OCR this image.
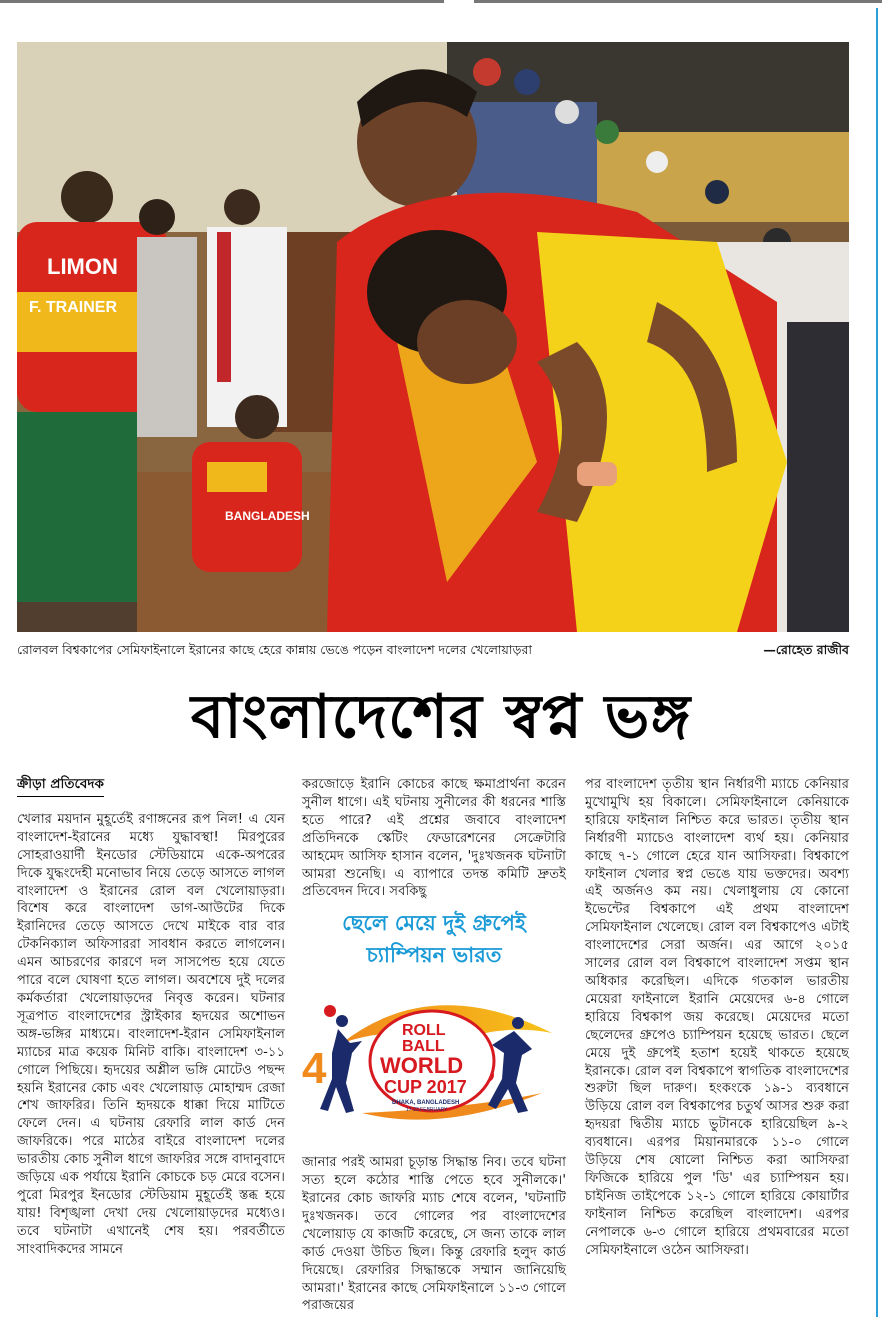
LIMON
F. TRAINER
BANGLADESH
রোলবল বিশ্বকাপের সেমিফাইনালে ইরানের কাছে হেরে কান্নায় ভেঙে পড়েন বাংলাদেশ দলের খেলোয়াড়রা	—রোহেত রাজীব
বাংলাদেশের স্বপ্ন ভঙ্গ
ক্রীড়া প্রতিবেদক

খেলার ময়দান মুহূর্তেই রণাঙ্গনের রূপ নিল! এ যেন বাংলাদেশ-ইরানের মধ্যে যুদ্ধাবস্থা! মিরপুরের সোহরাওয়ার্দী ইনডোর স্টেডিয়ামে একে-অপরের দিকে যুদ্ধংদেহী মনোভাব নিয়ে তেড়ে আসতে লাগল বাংলাদেশ ও ইরানের রোল বল খেলোয়াড়রা। বিশেষ করে বাংলাদেশ ডাগ-আউটের দিকে ইরানিদের তেড়ে আসতে দেখে মাইকে বার বার টেকনিক্যাল অফিসাররা সাবধান করতে লাগলেন। এমন আচরণের কারণে দল সাসপেন্ড হয়ে যেতে পারে বলে ঘোষণা হতে লাগল। অবশেষে দুই দলের কর্মকর্তারা খেলোয়াড়দের নিবৃত্ত করেন। ঘটনার সূত্রপাত বাংলাদেশের স্ট্রাইকার হৃদয়ের অশোভন অঙ্গ-ভঙ্গির মাধ্যমে। বাংলাদেশ-ইরান সেমিফাইনাল ম্যাচের মাত্র কয়েক মিনিট বাকি। বাংলাদেশ ৩-১১ গোলে পিছিয়ে। হৃদয়ের অশ্লীল ভঙ্গি মোটেও পছন্দ হয়নি ইরানের কোচ এবং খেলোয়াড় মোহাম্মদ রেজা শেখ জাফরির। তিনি হৃদয়কে ধাক্কা দিয়ে মাটিতে ফেলে দেন। এ ঘটনায় রেফারি লাল কার্ড দেন জাফরিকে। পরে মাঠের বাইরে বাংলাদেশ দলের ভারতীয় কোচ সুনীল ধাগে জাফরির সঙ্গে বাদানুবাদে জড়িয়ে এক পর্যায়ে ইরানি কোচকে চড় মেরে বসেন। পুরো মিরপুর ইনডোর স্টেডিয়াম মুহূর্তেই স্তব্ধ হয়ে যায়! বিশৃঙ্খলা দেখা দেয় খেলোয়াড়দের মধ্যেও। তবে ঘটনাটা এখানেই শেষ হয়। পরবর্তীতে সাংবাদিকদের সামনে

করজোড়ে ইরানি কোচের কাছে ক্ষমাপ্রার্থনা করেন সুনীল ধাগে। এই ঘটনায় সুনীলের কী ধরনের শাস্তি হতে পারে? এই প্রশ্নের জবাবে বাংলাদেশ প্রতিদিনকে স্কেটিং ফেডারেশনের সেক্রেটারি আহমেদ আসিফ হাসান বলেন, 'দুঃখজনক ঘটনাটা আমরা শুনেছি। এ ব্যাপারে তদন্ত কমিটি দ্রুতই প্রতিবেদন দিবে। সবকিছু

ছেলে মেয়ে দুই গ্রুপেই
চ্যাম্পিয়ন ভারত
4
ROLL
BALL
WORLD
CUP 2017
DHAKA, BANGLADESH
17-23 FEBRUARY

জানার পরই আমরা চূড়ান্ত সিদ্ধান্ত নিব। তবে ঘটনা সত্য হলে কঠোর শাস্তি পেতে হবে সুনীলকে।' ইরানের কোচ জাফরি ম্যাচ শেষে বলেন, 'ঘটনাটি দুঃখজনক। তবে গোলের পর বাংলাদেশের খেলোয়াড় যে কাজটি করেছে, সে জন্য তাকে লাল কার্ড দেওয়া উচিত ছিল। কিন্তু রেফারি হলুদ কার্ড দিয়েছে। রেফারির সিদ্ধান্তকে সম্মান জানিয়েছি আমরা।' ইরানের কাছে সেমিফাইনালে ১১-৩ গোলে পরাজয়ের

পর বাংলাদেশ তৃতীয় স্থান নির্ধারণী ম্যাচে কেনিয়ার মুখোমুখি হয় বিকালে। সেমিফাইনালে কেনিয়াকে হারিয়ে ফাইনাল নিশ্চিত করে ভারত। তৃতীয় স্থান নির্ধারণী ম্যাচেও বাংলাদেশ ব্যর্থ হয়। কেনিয়ার কাছে ৭-১ গোলে হেরে যান আসিফরা। বিশ্বকাপে ফাইনাল খেলার স্বপ্ন ভেঙে যায় ভক্তদের। অবশ্য এই অর্জনও কম নয়। খেলাধুলায় যে কোনো ইভেন্টের বিশ্বকাপে এই প্রথম বাংলাদেশ সেমিফাইনাল খেলেছে। রোল বল বিশ্বকাপেও এটাই বাংলাদেশের সেরা অর্জন। এর আগে ২০১৫ সালের রোল বল বিশ্বকাপে বাংলাদেশ সপ্তম স্থান অধিকার করেছিল। এদিকে গতকাল ভারতীয় মেয়েরা ফাইনালে ইরানি মেয়েদের ৬-৪ গোলে হারিয়ে বিশ্বকাপ জয় করেছে। মেয়েদের মতো ছেলেদের গ্রুপেও চ্যাম্পিয়ন হয়েছে ভারত। ছেলে মেয়ে দুই গ্রুপেই হতাশ হয়েই থাকতে হয়েছে ইরানকে। রোল বল বিশ্বকাপে স্বাগতিক বাংলাদেশের শুরুটা ছিল দারুণ। হংকংকে ১৯-১ ব্যবধানে উড়িয়ে রোল বল বিশ্বকাপের চতুর্থ আসর শুরু করা হৃদয়রা দ্বিতীয় ম্যাচে ভুটানকে হারিয়েছিল ৯-২ ব্যবধানে। এরপর মিয়ানমারকে ১১-০ গোলে উড়িয়ে শেষ ষোলো নিশ্চিত করা আসিফরা ফিজিকে হারিয়ে পুল 'ডি' এর চ্যাম্পিয়ন হয়। চাইনিজ তাইপেকে ১২-১ গোলে হারিয়ে কোয়ার্টার ফাইনাল নিশ্চিত করেছিল বাংলাদেশ। এরপর নেপালকে ৬-৩ গোলে হারিয়ে প্রথমবারের মতো সেমিফাইনালে ওঠেন আসিফরা।
